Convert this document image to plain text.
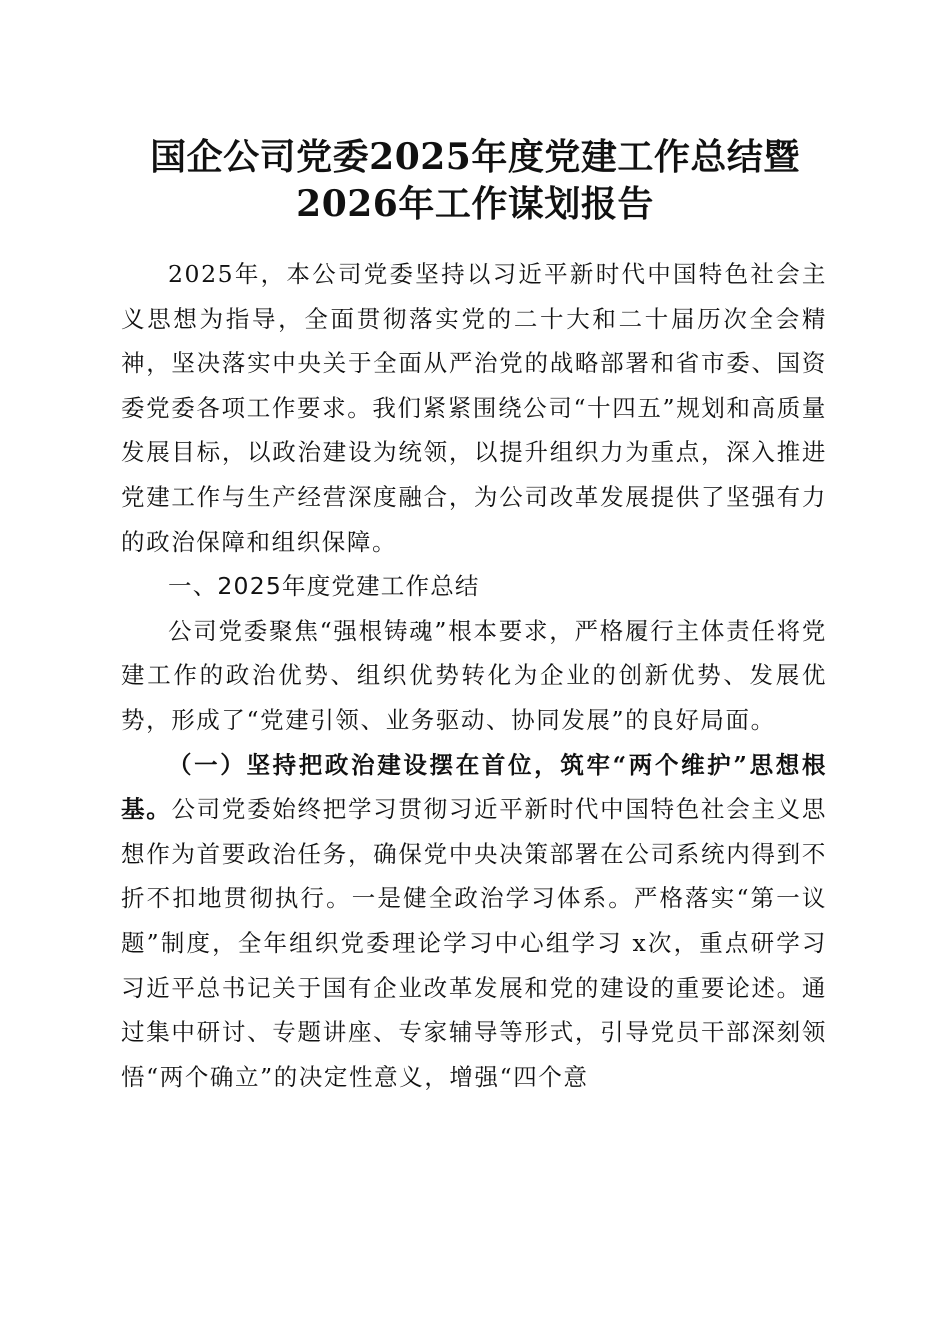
国企公司党委2025年度党建工作总结暨2026年工作谋划报告

2025年，本公司党委坚持以习近平新时代中国特色社会主义思想为指导，全面贯彻落实党的二十大和二十届历次全会精神，坚决落实中央关于全面从严治党的战略部署和省市委、国资委党委各项工作要求。我们紧紧围绕公司“十四五”规划和高质量发展目标，以政治建设为统领，以提升组织力为重点，深入推进党建工作与生产经营深度融合，为公司改革发展提供了坚强有力的政治保障和组织保障。

一、2025年度党建工作总结

公司党委聚焦“强根铸魂”根本要求，严格履行主体责任将党建工作的政治优势、组织优势转化为企业的创新优势、发展优势，形成了“党建引领、业务驱动、协同发展”的良好局面。

（一）坚持把政治建设摆在首位，筑牢“两个维护”思想根基。公司党委始终把学习贯彻习近平新时代中国特色社会主义思想作为首要政治任务，确保党中央决策部署在公司系统内得到不折不扣地贯彻执行。一是健全政治学习体系。严格落实“第一议题”制度，全年组织党委理论学习中心组学习 x次，重点研学习习近平总书记关于国有企业改革发展和党的建设的重要论述。通过集中研讨、专题讲座、专家辅导等形式，引导党员干部深刻领悟“两个确立”的决定性意义，增强“四个意
